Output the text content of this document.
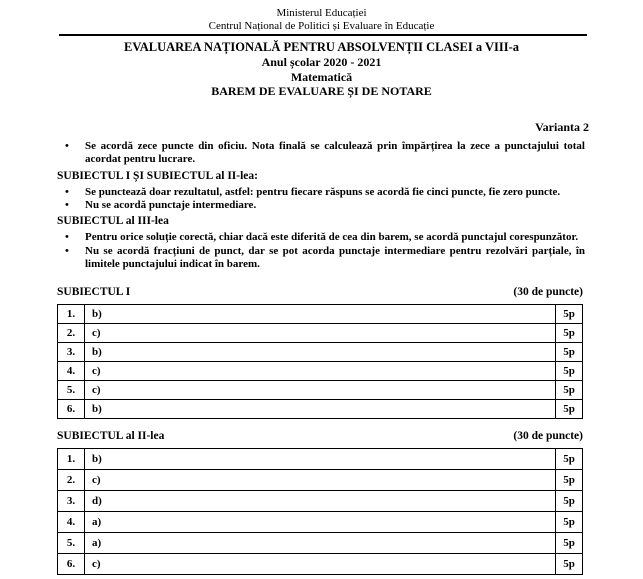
Ministerul Educației
Centrul Național de Politici și Evaluare în Educație
EVALUAREA NAȚIONALĂ PENTRU ABSOLVENȚII CLASEI a VIII-a
Anul școlar 2020 - 2021
Matematică
BAREM DE EVALUARE ȘI DE NOTARE
Varianta 2
• Se acordă zece puncte din oficiu. Nota finală se calculează prin împărțirea la zece a punctajului total acordat pentru lucrare.
SUBIECTUL I ȘI SUBIECTUL al II-lea:
• Se punctează doar rezultatul, astfel: pentru fiecare răspuns se acordă fie cinci puncte, fie zero puncte.
• Nu se acordă punctaje intermediare.
SUBIECTUL al III-lea
• Pentru orice soluție corectă, chiar dacă este diferită de cea din barem, se acordă punctajul corespunzător.
• Nu se acordă fracțiuni de punct, dar se pot acorda punctaje intermediare pentru rezolvări parțiale, în limitele punctajului indicat în barem.
SUBIECTUL I	(30 de puncte)
1.	b)	5p
2.	c)	5p
3.	b)	5p
4.	c)	5p
5.	c)	5p
6.	b)	5p
SUBIECTUL al II-lea	(30 de puncte)
1.	b)	5p
2.	c)	5p
3.	d)	5p
4.	a)	5p
5.	a)	5p
6.	c)	5p
